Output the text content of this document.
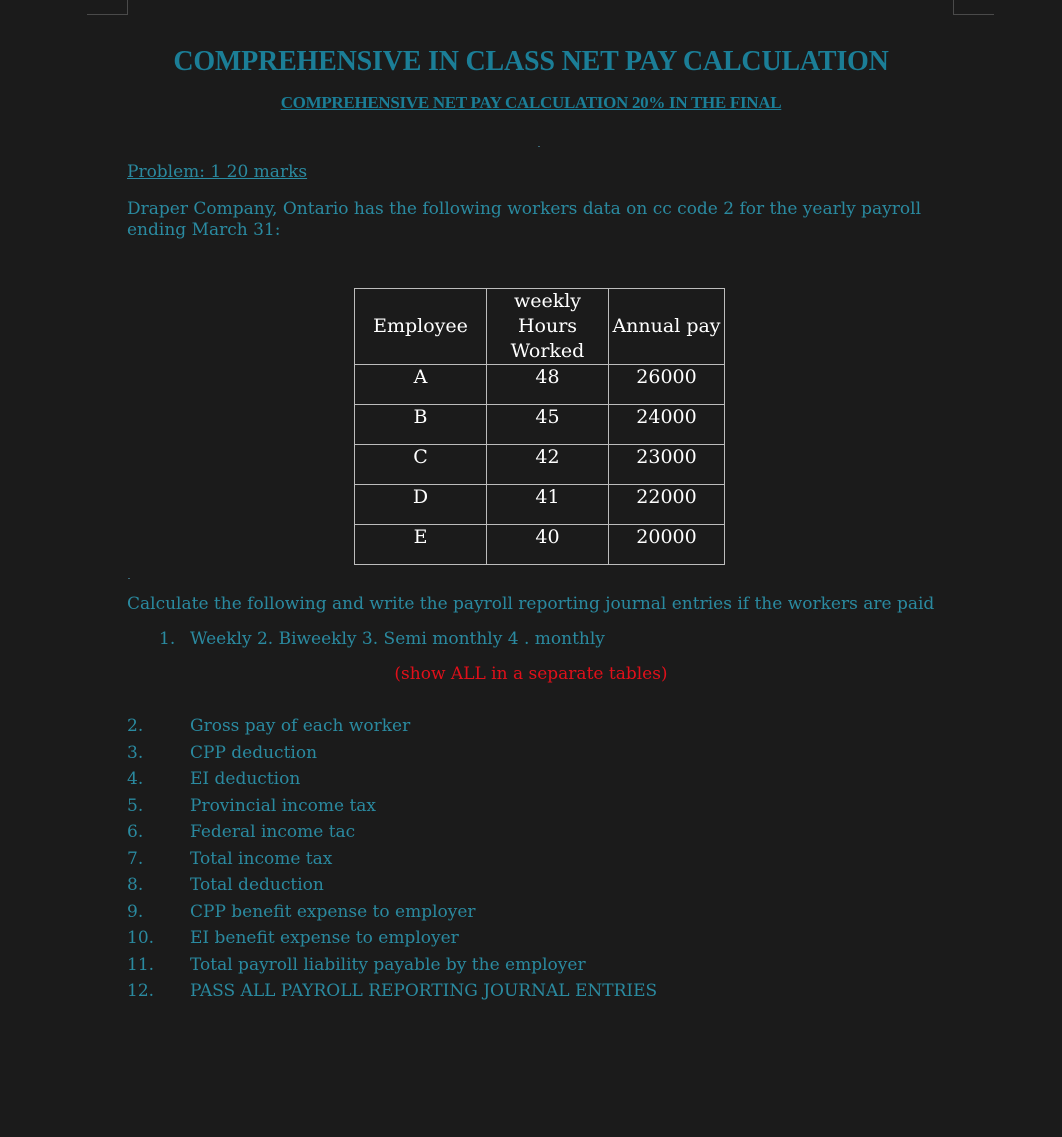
COMPREHENSIVE IN CLASS NET PAY CALCULATION
COMPREHENSIVE NET PAY CALCULATION 20% IN THE FINAL
Problem: 1 20 marks
Draper Company, Ontario has the following workers data on cc code 2 for the yearly payroll ending March 31:
Employee	weekly Hours Worked	Annual pay
A	48	26000
B	45	24000
C	42	23000
D	41	22000
E	40	20000
Calculate the following and write the payroll reporting journal entries if the workers are paid
1. Weekly 2. Biweekly 3. Semi monthly 4 . monthly
(show ALL in a separate tables)
2.	Gross pay of each worker
3.	CPP deduction
4.	EI deduction
5.	Provincial income tax
6.	Federal income tac
7.	Total income tax
8.	Total deduction
9.	CPP benefit expense to employer
10. EI benefit expense to employer
11. Total payroll liability payable by the employer
12. PASS ALL PAYROLL REPORTING JOURNAL ENTRIES
